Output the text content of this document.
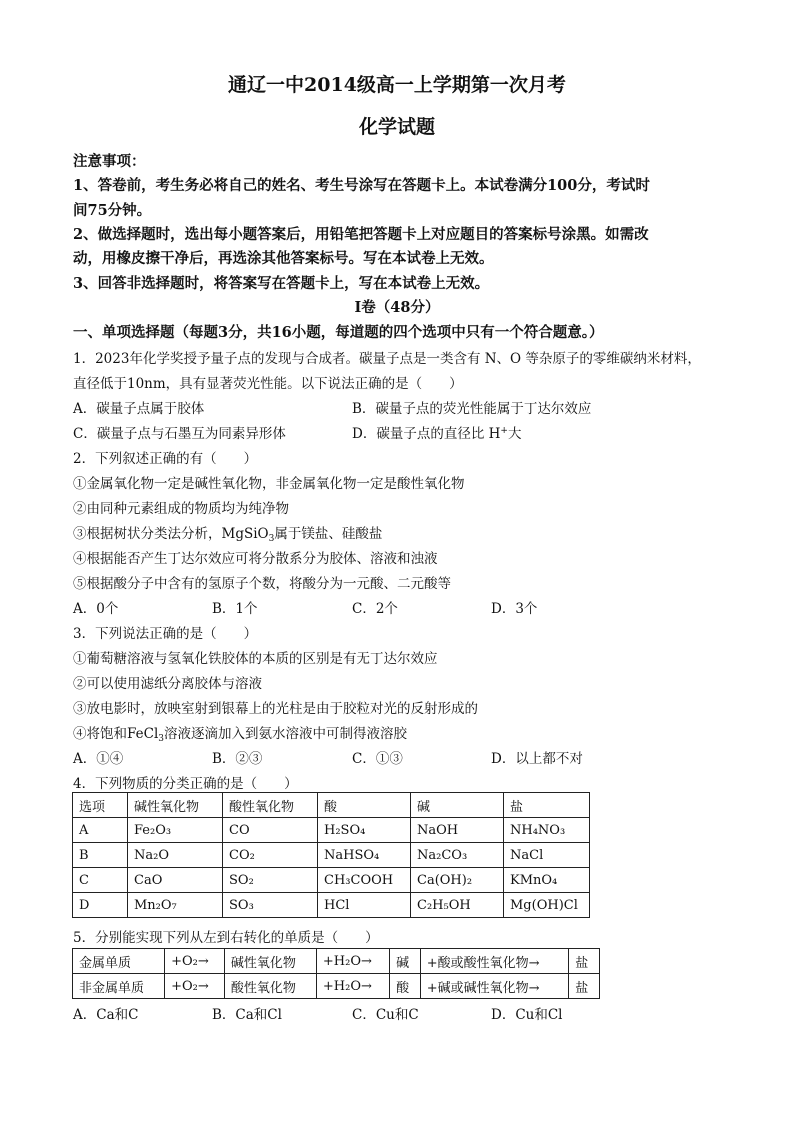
通辽一中2014级高一上学期第一次月考
化学试题
注意事项：
1、答卷前，考生务必将自己的姓名、考生号涂写在答题卡上。本试卷满分100分，考试时
间75分钟。
2、做选择题时，选出每小题答案后，用铅笔把答题卡上对应题目的答案标号涂黑。如需改
动，用橡皮擦干净后，再选涂其他答案标号。写在本试卷上无效。
3、回答非选择题时，将答案写在答题卡上，写在本试卷上无效。
Ⅰ卷（48分）
一、单项选择题（每题3分，共16小题，每道题的四个选项中只有一个符合题意。）
1．2023年化学奖授予量子点的发现与合成者。碳量子点是一类含有 N、O 等杂原子的零维碳纳米材料，
直径低于10nm，具有显著荧光性能。以下说法正确的是（　　）
A．碳量子点属于胶体	B．碳量子点的荧光性能属于丁达尔效应
C．碳量子点与石墨互为同素异形体	D．碳量子点的直径比 H+大
2．下列叙述正确的有（　　）
①金属氧化物一定是碱性氧化物，非金属氧化物一定是酸性氧化物
②由同种元素组成的物质均为纯净物
③根据树状分类法分析，MgSiO$_3$属于镁盐、硅酸盐
④根据能否产生丁达尔效应可将分散系分为胶体、溶液和浊液
⑤根据酸分子中含有的氢原子个数，将酸分为一元酸、二元酸等
A．0个	B．1个	C．2个	D．3个
3．下列说法正确的是（　　）
①葡萄糖溶液与氢氧化铁胶体的本质的区别是有无丁达尔效应
②可以使用滤纸分离胶体与溶液
③放电影时，放映室射到银幕上的光柱是由于胶粒对光的反射形成的
④将饱和FeCl$_3$溶液逐滴加入到氨水溶液中可制得液溶胶
A．①④	B．②③	C．①③	D．以上都不对
4．下列物质的分类正确的是（　　）
选项	碱性氧化物	酸性氧化物	酸	碱	盐
A	Fe₂O₃	CO	H₂SO₄	NaOH	NH₄NO₃
B	Na₂O	CO₂	NaHSO₄	Na₂CO₃	NaCl
C	CaO	SO₂	CH₃COOH	Ca(OH)₂	KMnO₄
D	Mn₂O₇	SO₃	HCl	C₂H₅OH	Mg(OH)Cl
5．分别能实现下列从左到右转化的单质是（　　）
金属单质	+O₂→	碱性氧化物	+H₂O→	碱	+酸或酸性氧化物→	盐
非金属单质	+O₂→	酸性氧化物	+H₂O→	酸	+碱或碱性氧化物→	盐
A．Ca和C	B．Ca和Cl	C．Cu和C	D．Cu和Cl
